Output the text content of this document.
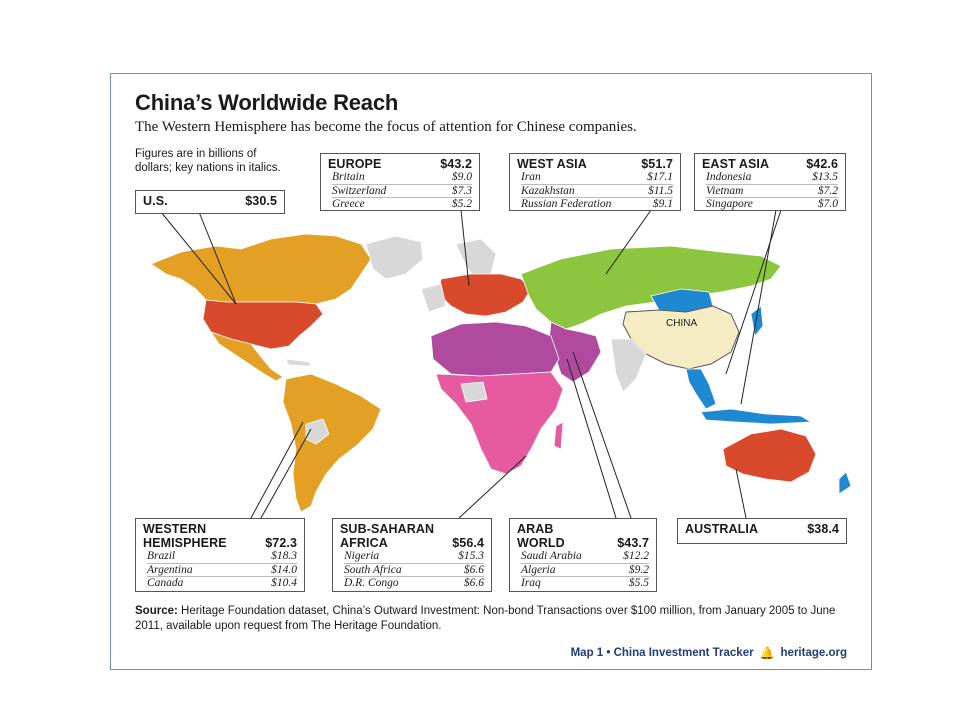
CHINA
China’s Worldwide Reach
The Western Hemisphere has become the focus of attention for Chinese companies.
Figures are in billions of dollars; key nations in italics.
U.S.	$30.5
EUROPE	$43.2
Britain	$9.0
Switzerland	$7.3
Greece	$5.2
WEST ASIA	$51.7
Iran	$17.1
Kazakhstan	$11.5
Russian Federation	$9.1
EAST ASIA	$42.6
Indonesia	$13.5
Vietnam	$7.2
Singapore	$7.0
WESTERN
HEMISPHERE	$72.3
Brazil	$18.3
Argentina	$14.0
Canada	$10.4
SUB-SAHARAN
AFRICA	$56.4
Nigeria	$15.3
South Africa	$6.6
D.R. Congo	$6.6
ARAB
WORLD	$43.7
Saudi Arabia	$12.2
Algeria	$9.2
Iraq	$5.5
AUSTRALIA	$38.4
Source: Heritage Foundation dataset, China’s Outward Investment: Non-bond Transactions over $100 million, from January 2005 to June 2011, available upon request from The Heritage Foundation.
Map 1 • China Investment Tracker 🔔 heritage.org
